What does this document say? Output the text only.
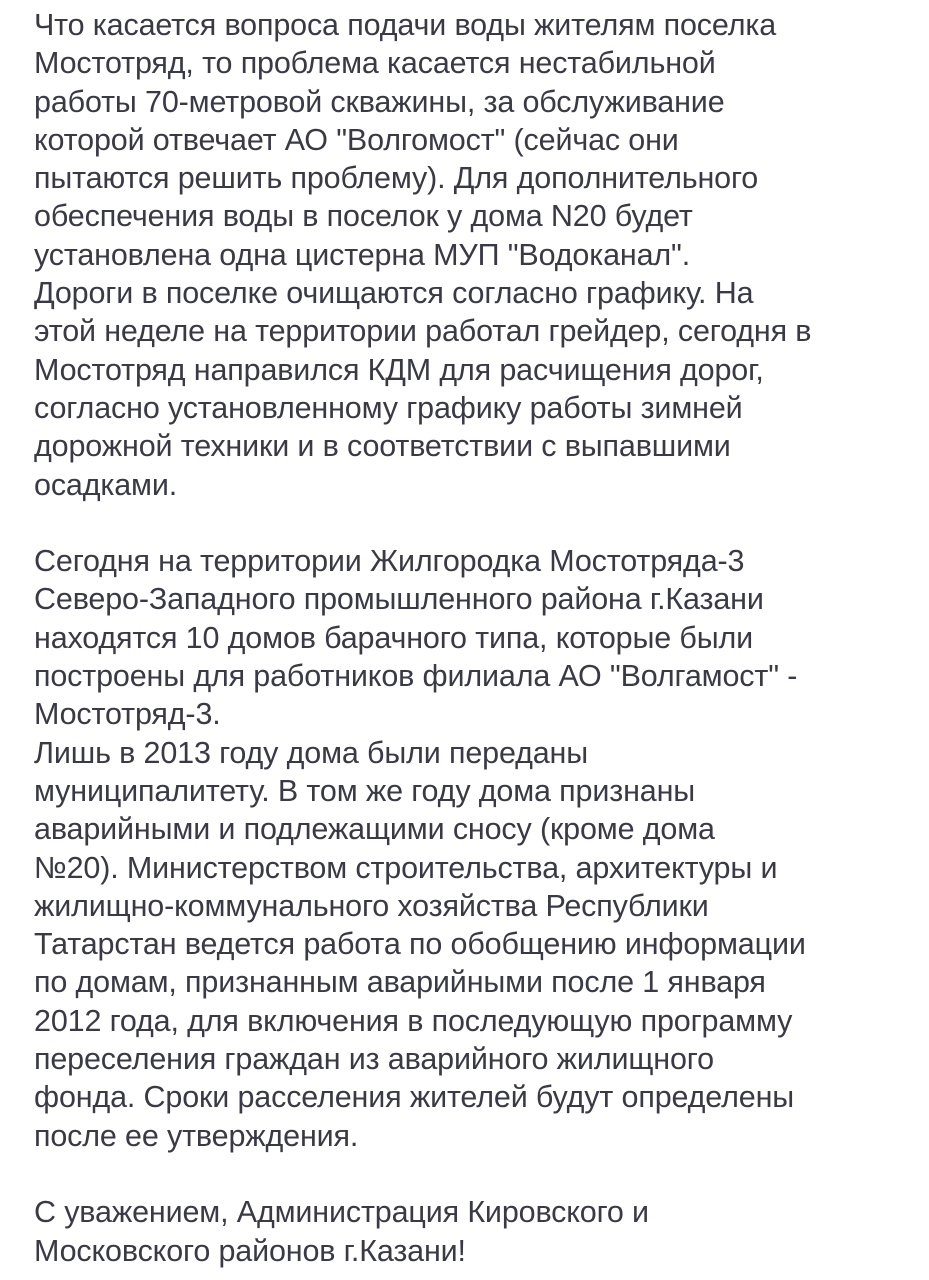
Что касается вопроса подачи воды жителям поселка
Мостотряд, то проблема касается нестабильной
работы 70-метровой скважины, за обслуживание
которой отвечает АО "Волгомост" (сейчас они
пытаются решить проблему). Для дополнительного
обеспечения воды в поселок у дома N20 будет
установлена одна цистерна МУП "Водоканал".
Дороги в поселке очищаются согласно графику. На
этой неделе на территории работал грейдер, сегодня в
Мостотряд направился КДМ для расчищения дорог,
согласно установленному графику работы зимней
дорожной техники и в соответствии с выпавшими
осадками.
Сегодня на территории Жилгородка Мостотряда-3
Северо-Западного промышленного района г.Казани
находятся 10 домов барачного типа, которые были
построены для работников филиала АО "Волгамост" -
Мостотряд-3.
Лишь в 2013 году дома были переданы
муниципалитету. В том же году дома признаны
аварийными и подлежащими сносу (кроме дома
№20). Министерством строительства, архитектуры и
жилищно-коммунального хозяйства Республики
Татарстан ведется работа по обобщению информации
по домам, признанным аварийными после 1 января
2012 года, для включения в последующую программу
переселения граждан из аварийного жилищного
фонда. Сроки расселения жителей будут определены
после ее утверждения.
С уважением, Администрация Кировского и
Московского районов г.Казани!
